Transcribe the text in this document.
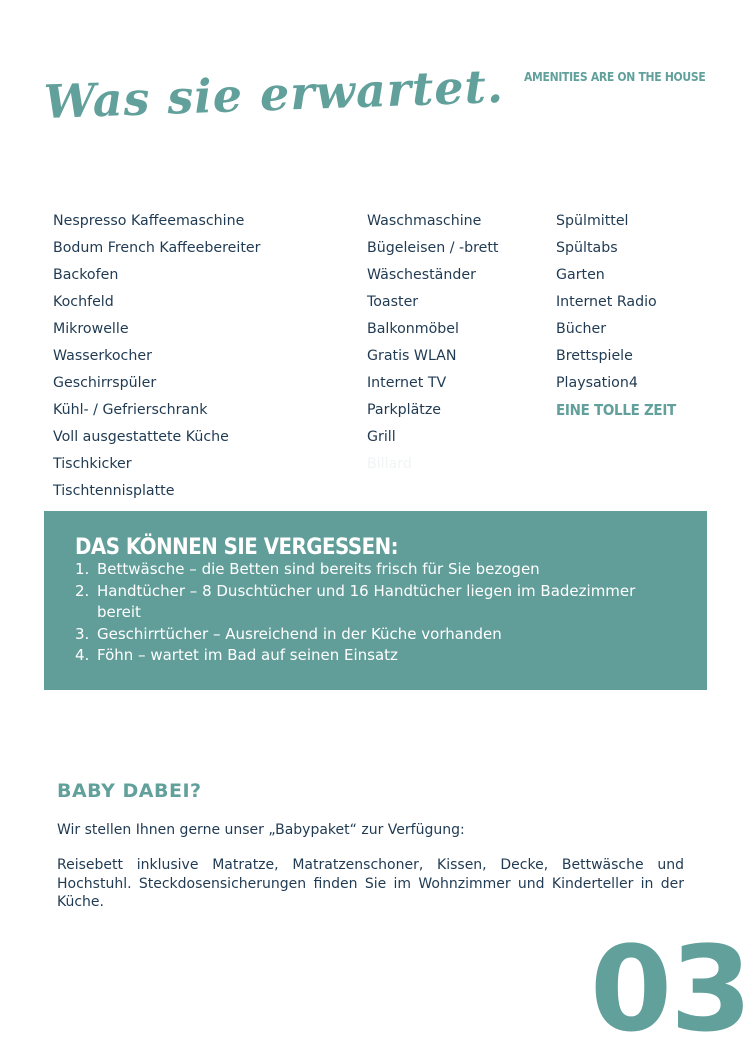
Was sie erwartet. AMENITIES ARE ON THE HOUSE
Nespresso Kaffeemaschine
Bodum French Kaffeebereiter
Backofen
Kochfeld
Mikrowelle
Wasserkocher
Geschirrspüler
Kühl- / Gefrierschrank
Voll ausgestattete Küche
Tischkicker
Tischtennisplatte
Waschmaschine
Bügeleisen / -brett
Wäscheständer
Toaster
Balkonmöbel
Gratis WLAN
Internet TV
Parkplätze
Grill
Billard
Spülmittel
Spültabs
Garten
Internet Radio
Bücher
Brettspiele
Playsation4
EINE TOLLE ZEIT
DAS KÖNNEN SIE VERGESSEN:
1. Bettwäsche – die Betten sind bereits frisch für Sie bezogen
2. Handtücher – 8 Duschtücher und 16 Handtücher liegen im Badezimmer bereit
3. Geschirrtücher – Ausreichend in der Küche vorhanden
4. Föhn – wartet im Bad auf seinen Einsatz
BABY DABEI?

Wir stellen Ihnen gerne unser „Babypaket“ zur Verfügung:

Reisebett inklusive Matratze, Matratzenschoner, Kissen, Decke, Bettwäsche und Hochstuhl. Steckdosensicherungen finden Sie im Wohnzimmer und Kinderteller in der Küche.

03
